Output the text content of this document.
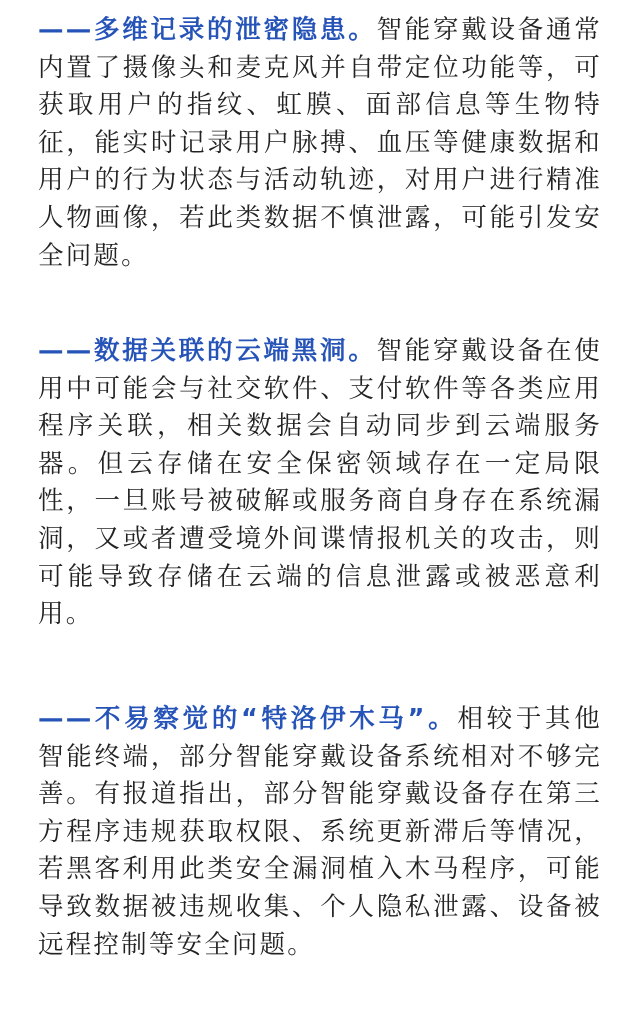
——多维记录的泄密隐患。智能穿戴设备通常内置了摄像头和麦克风并自带定位功能等，可获取用户的指纹、虹膜、面部信息等生物特征，能实时记录用户脉搏、血压等健康数据和用户的行为状态与活动轨迹，对用户进行精准人物画像，若此类数据不慎泄露，可能引发安全问题。

——数据关联的云端黑洞。智能穿戴设备在使用中可能会与社交软件、支付软件等各类应用程序关联，相关数据会自动同步到云端服务器。但云存储在安全保密领域存在一定局限性，一旦账号被破解或服务商自身存在系统漏洞，又或者遭受境外间谍情报机关的攻击，则可能导致存储在云端的信息泄露或被恶意利用。

——不易察觉的“特洛伊木马”。相较于其他智能终端，部分智能穿戴设备系统相对不够完善。有报道指出，部分智能穿戴设备存在第三方程序违规获取权限、系统更新滞后等情况，若黑客利用此类安全漏洞植入木马程序，可能导致数据被违规收集、个人隐私泄露、设备被远程控制等安全问题。
